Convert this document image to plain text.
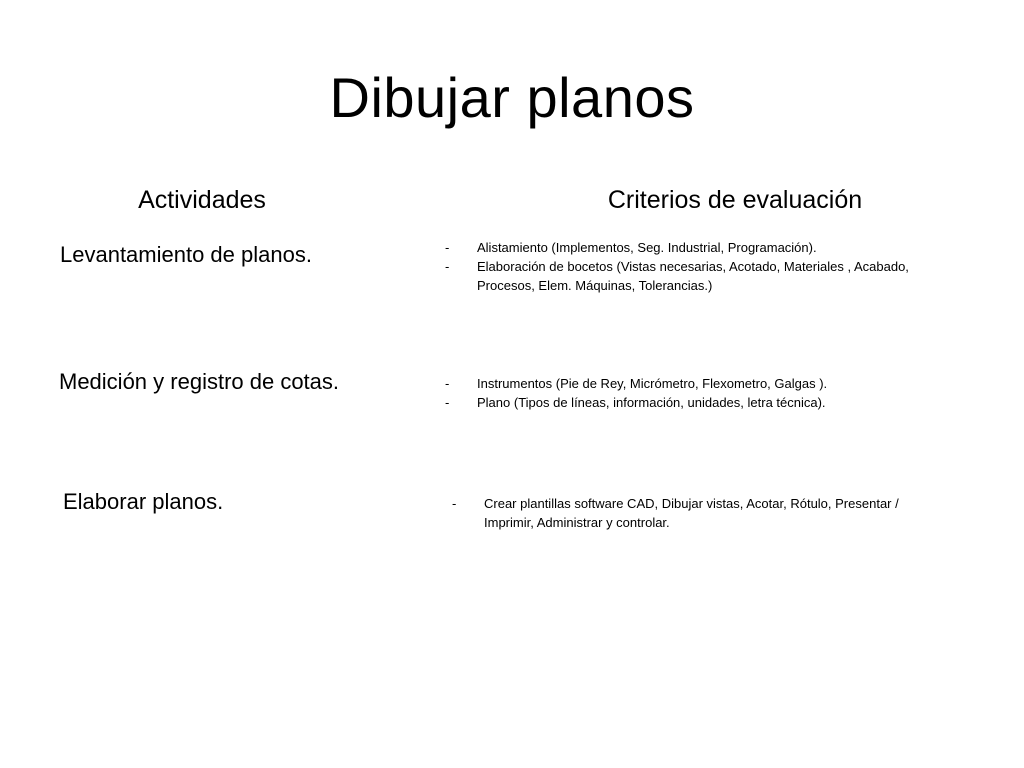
Dibujar planos
Actividades	Criterios de evaluación
Levantamiento de planos.	- Alistamiento (Implementos, Seg. Industrial, Programación).
- Elaboración de bocetos (Vistas necesarias, Acotado, Materiales , Acabado, Procesos, Elem. Máquinas, Tolerancias.)
Medición y registro de cotas.	- Instrumentos (Pie de Rey, Micrómetro, Flexometro, Galgas ).
- Plano (Tipos de líneas, información, unidades, letra técnica).
Elaborar planos.	- Crear plantillas software CAD, Dibujar vistas, Acotar, Rótulo, Presentar / Imprimir, Administrar y controlar.
